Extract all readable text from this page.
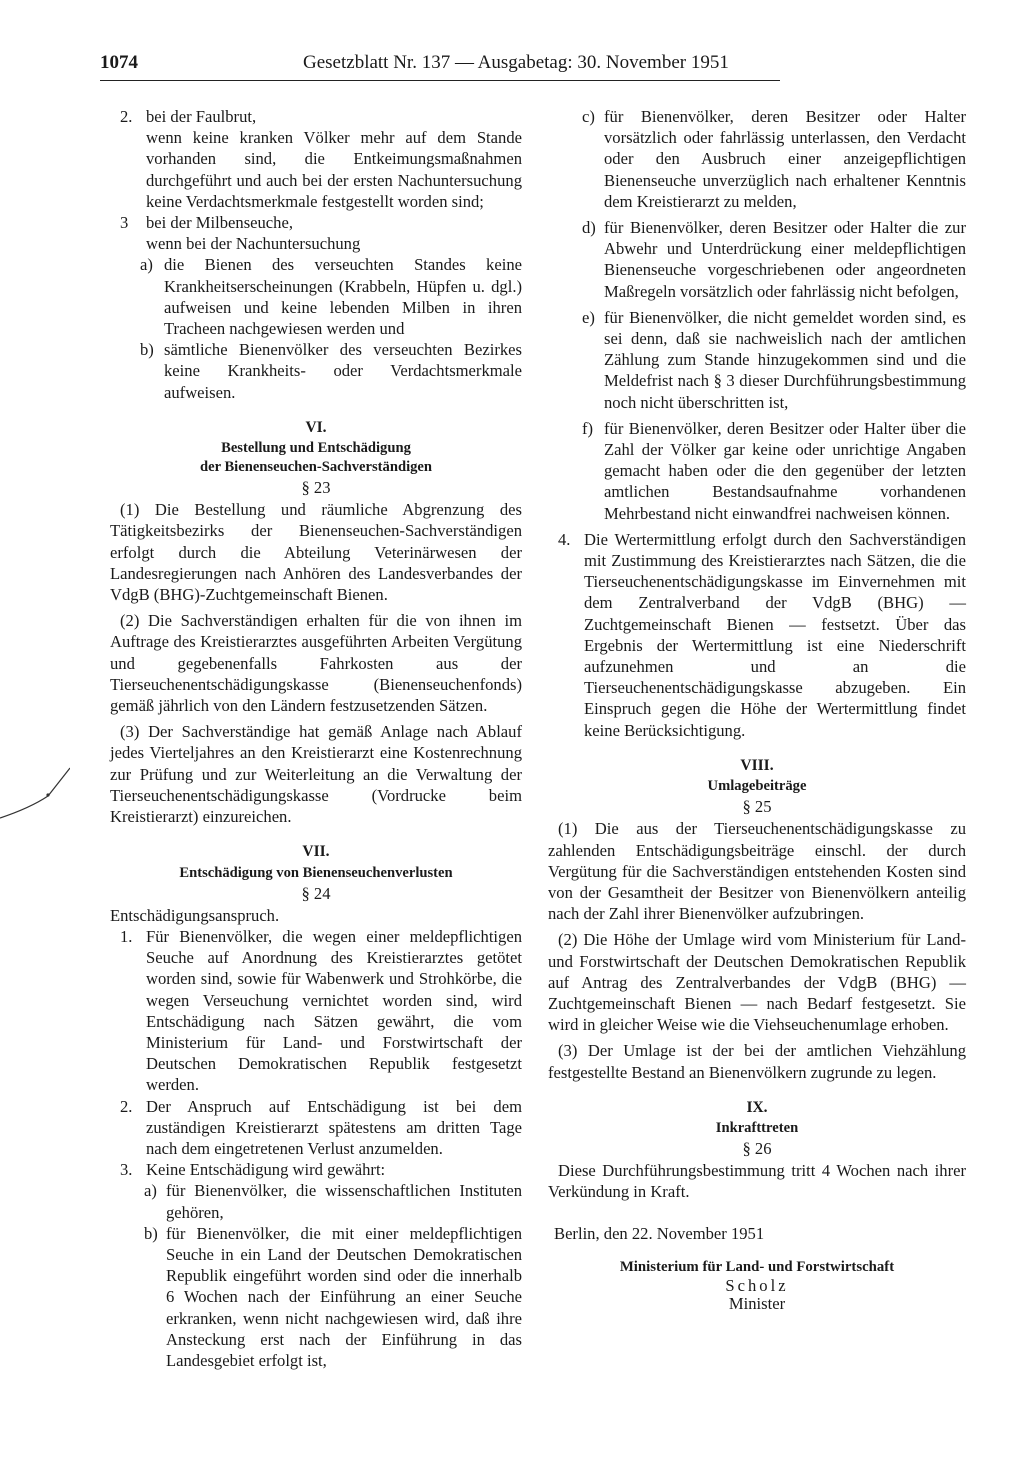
1074	Gesetzblatt Nr. 137 — Ausgabetag: 30. November 1951
2. bei der Faulbrut,
wenn keine kranken Völker mehr auf dem Stande vorhanden sind, die Entkeimungsmaßnahmen durchgeführt und auch bei der ersten Nachuntersuchung keine Verdachtsmerkmale festgestellt worden sind;
3 bei der Milbenseuche,
wenn bei der Nachuntersuchung
a) die Bienen des verseuchten Standes keine Krankheitserscheinungen (Krabbeln, Hüpfen u. dgl.) aufweisen und keine lebenden Milben in ihren Tracheen nachgewiesen werden und
b) sämtliche Bienenvölker des verseuchten Bezirkes keine Krankheits- oder Verdachtsmerkmale aufweisen.
VI.
Bestellung und Entschädigung
der Bienenseuchen-Sachverständigen
§ 23

(1) Die Bestellung und räumliche Abgrenzung des Tätigkeitsbezirks der Bienenseuchen-Sachverständigen erfolgt durch die Abteilung Veterinärwesen der Landesregierungen nach Anhören des Landesverbandes der VdgB (BHG)-Zuchtgemeinschaft Bienen.

(2) Die Sachverständigen erhalten für die von ihnen im Auftrage des Kreistierarztes ausgeführten Arbeiten Vergütung und gegebenenfalls Fahrkosten aus der Tierseuchenentschädigungskasse (Bienenseuchenfonds) gemäß jährlich von den Ländern festzusetzenden Sätzen.

(3) Der Sachverständige hat gemäß Anlage nach Ablauf jedes Vierteljahres an den Kreistierarzt eine Kostenrechnung zur Prüfung und zur Weiterleitung an die Verwaltung der Tierseuchenentschädigungskasse (Vordrucke beim Kreistierarzt) einzureichen.

VII.
Entschädigung von Bienenseuchenverlusten
§ 24
Entschädigungsanspruch.
1. Für Bienenvölker, die wegen einer meldepflichtigen Seuche auf Anordnung des Kreistierarztes getötet worden sind, sowie für Wabenwerk und Strohkörbe, die wegen Verseuchung vernichtet worden sind, wird Entschädigung nach Sätzen gewährt, die vom Ministerium für Land- und Forstwirtschaft der Deutschen Demokratischen Republik festgesetzt werden.
2. Der Anspruch auf Entschädigung ist bei dem zuständigen Kreistierarzt spätestens am dritten Tage nach dem eingetretenen Verlust anzumelden.
3. Keine Entschädigung wird gewährt:
a) für Bienenvölker, die wissenschaftlichen Instituten gehören,
b) für Bienenvölker, die mit einer meldepflichtigen Seuche in ein Land der Deutschen Demokratischen Republik eingeführt worden sind oder die innerhalb 6 Wochen nach der Einführung an einer Seuche erkranken, wenn nicht nachgewiesen wird, daß ihre Ansteckung erst nach der Einführung in das Landesgebiet erfolgt ist,
c) für Bienenvölker, deren Besitzer oder Halter vorsätzlich oder fahrlässig unterlassen, den Verdacht oder den Ausbruch einer anzeigepflichtigen Bienenseuche unverzüglich nach erhaltener Kenntnis dem Kreistierarzt zu melden,
d) für Bienenvölker, deren Besitzer oder Halter die zur Abwehr und Unterdrückung einer meldepflichtigen Bienenseuche vorgeschriebenen oder angeordneten Maßregeln vorsätzlich oder fahrlässig nicht befolgen,
e) für Bienenvölker, die nicht gemeldet worden sind, es sei denn, daß sie nachweislich nach der amtlichen Zählung zum Stande hinzugekommen sind und die Meldefrist nach § 3 dieser Durchführungsbestimmung noch nicht überschritten ist,
f) für Bienenvölker, deren Besitzer oder Halter über die Zahl der Völker gar keine oder unrichtige Angaben gemacht haben oder die den gegenüber der letzten amtlichen Bestandsaufnahme vorhandenen Mehrbestand nicht einwandfrei nachweisen können.
4. Die Wertermittlung erfolgt durch den Sachverständigen mit Zustimmung des Kreistierarztes nach Sätzen, die die Tierseuchenentschädigungskasse im Einvernehmen mit dem Zentralverband der VdgB (BHG) — Zuchtgemeinschaft Bienen — festsetzt. Über das Ergebnis der Wertermittlung ist eine Niederschrift aufzunehmen und an die Tierseuchenentschädigungskasse abzugeben. Ein Einspruch gegen die Höhe der Wertermittlung findet keine Berücksichtigung.
VIII.
Umlagebeiträge
§ 25

(1) Die aus der Tierseuchenentschädigungskasse zu zahlenden Entschädigungsbeiträge einschl. der durch Vergütung für die Sachverständigen entstehenden Kosten sind von der Gesamtheit der Besitzer von Bienenvölkern anteilig nach der Zahl ihrer Bienenvölker aufzubringen.

(2) Die Höhe der Umlage wird vom Ministerium für Land- und Forstwirtschaft der Deutschen Demokratischen Republik auf Antrag des Zentralverbandes der VdgB (BHG) — Zuchtgemeinschaft Bienen — nach Bedarf festgesetzt. Sie wird in gleicher Weise wie die Viehseuchenumlage erhoben.

(3) Der Umlage ist der bei der amtlichen Viehzählung festgestellte Bestand an Bienenvölkern zugrunde zu legen.

IX.
Inkrafttreten
§ 26

Diese Durchführungsbestimmung tritt 4 Wochen nach ihrer Verkündung in Kraft.

Berlin, den 22. November 1951
Ministerium für Land- und Forstwirtschaft
Scholz
Minister
